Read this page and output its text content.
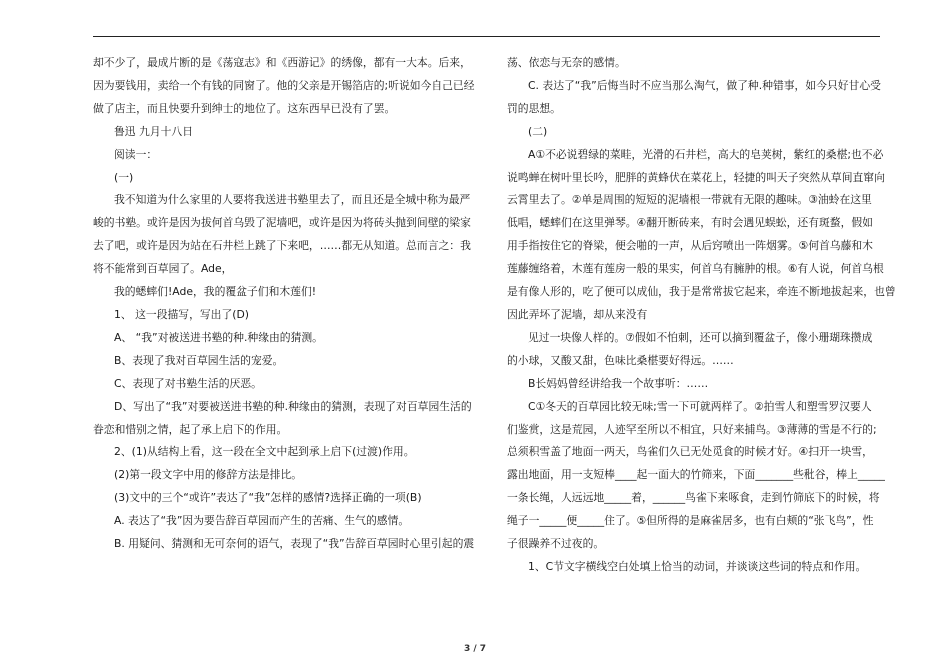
却不少了，最成片断的是《荡寇志》和《西游记》的绣像，都有一大本。后来，

因为要钱用，卖给一个有钱的同窗了。他的父亲是开锡箔店的;听说如今自己已经

做了店主，而且快要升到绅士的地位了。这东西早已没有了罢。

鲁迅 九月十八日

阅读一：

(一)

我不知道为什么家里的人要将我送进书塾里去了，而且还是全城中称为最严

峻的书塾。或许是因为拔何首乌毁了泥墙吧，或许是因为将砖头抛到间壁的梁家

去了吧，或许是因为站在石井栏上跳了下来吧，……都无从知道。总而言之：我

将不能常到百草园了。Ade，

我的蟋蟀们!Ade，我的覆盆子们和木莲们!

1、 这一段描写，写出了(D)

A、 “我”对被送进书塾的种.种缘由的猜测。

B、表现了我对百草园生活的宠爱。

C、表现了对书塾生活的厌恶。

D、写出了“我”对要被送进书塾的种.种缘由的猜测，表现了对百草园生活的

眷恋和惜别之情，起了承上启下的作用。

2、(1)从结构上看，这一段在全文中起到承上启下(过渡)作用。

(2)第一段文字中用的修辞方法是排比。

(3)文中的三个“或许”表达了“我”怎样的感情?选择正确的一项(B)

A. 表达了“我”因为要告辞百草园而产生的苦痛、生气的感情。

B. 用疑问、猜测和无可奈何的语气，表现了“我”告辞百草园时心里引起的震

荡、依恋与无奈的感情。

C. 表达了“我”后悔当时不应当那么淘气，做了种.种错事，如今只好甘心受

罚的思想。

(二)

A①不必说碧绿的菜畦，光滑的石井栏，高大的皂荚树，紫红的桑椹;也不必

说鸣蝉在树叶里长吟，肥胖的黄蜂伏在菜花上，轻捷的叫天子突然从草间直窜向

云霄里去了。②单是周围的短短的泥墙根一带就有无限的趣味。③油蛉在这里

低唱，蟋蟀们在这里弹琴。④翻开断砖来，有时会遇见蜈蚣，还有斑蝥，假如

用手指按住它的脊梁，便会啪的一声，从后窍喷出一阵烟雾。⑤何首乌藤和木

莲藤缠络着，木莲有莲房一般的果实，何首乌有臃肿的根。⑥有人说，何首乌根

是有像人形的，吃了便可以成仙，我于是常常拔它起来，牵连不断地拔起来，也曾

因此弄坏了泥墙，却从来没有

见过一块像人样的。⑦假如不怕刺，还可以摘到覆盆子，像小珊瑚珠攒成

的小球，又酸又甜，色味比桑椹要好得远。……

B长妈妈曾经讲给我一个故事听：……

C①冬天的百草园比较无味;雪一下可就两样了。②拍雪人和塑雪罗汉要人

们鉴赏，这是荒园，人迹罕至所以不相宜，只好来捕鸟。③薄薄的雪是不行的;

总须积雪盖了地面一两天，鸟雀们久已无处觅食的时候才好。④扫开一块雪，

露出地面，用一支短棒____起一面大的竹筛来，下面_______些秕谷，棒上_____

一条长绳，人远远地_____着，______鸟雀下来啄食，走到竹筛底下的时候，将

绳子一_____便_____住了。⑤但所得的是麻雀居多，也有白颊的“张飞鸟”，性

子很躁养不过夜的。

1、C节文字横线空白处填上恰当的动词，并谈谈这些词的特点和作用。

3 / 7
